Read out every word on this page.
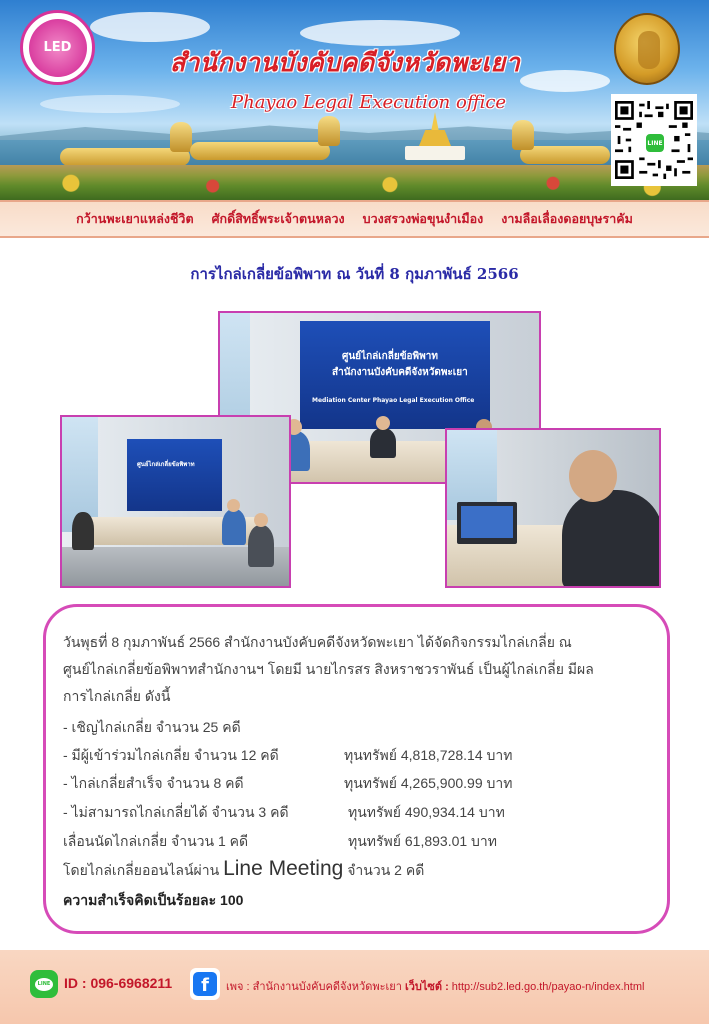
LED
สำนักงานบังคับคดีจังหวัดพะเยา
Phayao Legal Execution office
LINE
กว้านพะเยาแหล่งชีวิต ศักดิ์สิทธิ์พระเจ้าตนหลวง บวงสรวงพ่อขุนงำเมือง งามลือเลื่องดอยบุษราคัม
การไกล่เกลี่ยข้อพิพาท ณ วันที่ 8 กุมภาพันธ์ 2566
ศูนย์ไกล่เกลี่ยข้อพิพาท
สำนักงานบังคับคดีจังหวัดพะเยา
Mediation Center Phayao Legal Execution Office
ศูนย์ไกล่เกลี่ยข้อพิพาท
วันพุธที่ 8 กุมภาพันธ์ 2566 สำนักงานบังคับคดีจังหวัดพะเยา ได้จัดกิจกรรมไกล่เกลี่ย ณ
ศูนย์ไกล่เกลี่ยข้อพิพาทสำนักงานฯ โดยมี นายไกรสร สิงหราชวราพันธ์ เป็นผู้ไกล่เกลี่ย มีผล
การไกล่เกลี่ย ดังนี้
- เชิญไกล่เกลี่ย จำนวน 25 คดี
- มีผู้เข้าร่วมไกล่เกลี่ย จำนวน 12 คดี	ทุนทรัพย์ 4,818,728.14 บาท
- ไกล่เกลี่ยสำเร็จ จำนวน 8 คดี	ทุนทรัพย์ 4,265,900.99 บาท
- ไม่สามารถไกล่เกลี่ยได้ จำนวน 3 คดี	ทุนทรัพย์ 490,934.14 บาท
เลื่อนนัดไกล่เกลี่ย จำนวน 1 คดี	ทุนทรัพย์ 61,893.01 บาท
โดยไกล่เกลี่ยออนไลน์ผ่าน Line Meeting จำนวน 2 คดี
ความสำเร็จคิดเป็นร้อยละ 100
LINE ID : 096-6968211	f	เพจ : สำนักงานบังคับคดีจังหวัดพะเยา เว็บไซต์ : http://sub2.led.go.th/payao-n/index.html
